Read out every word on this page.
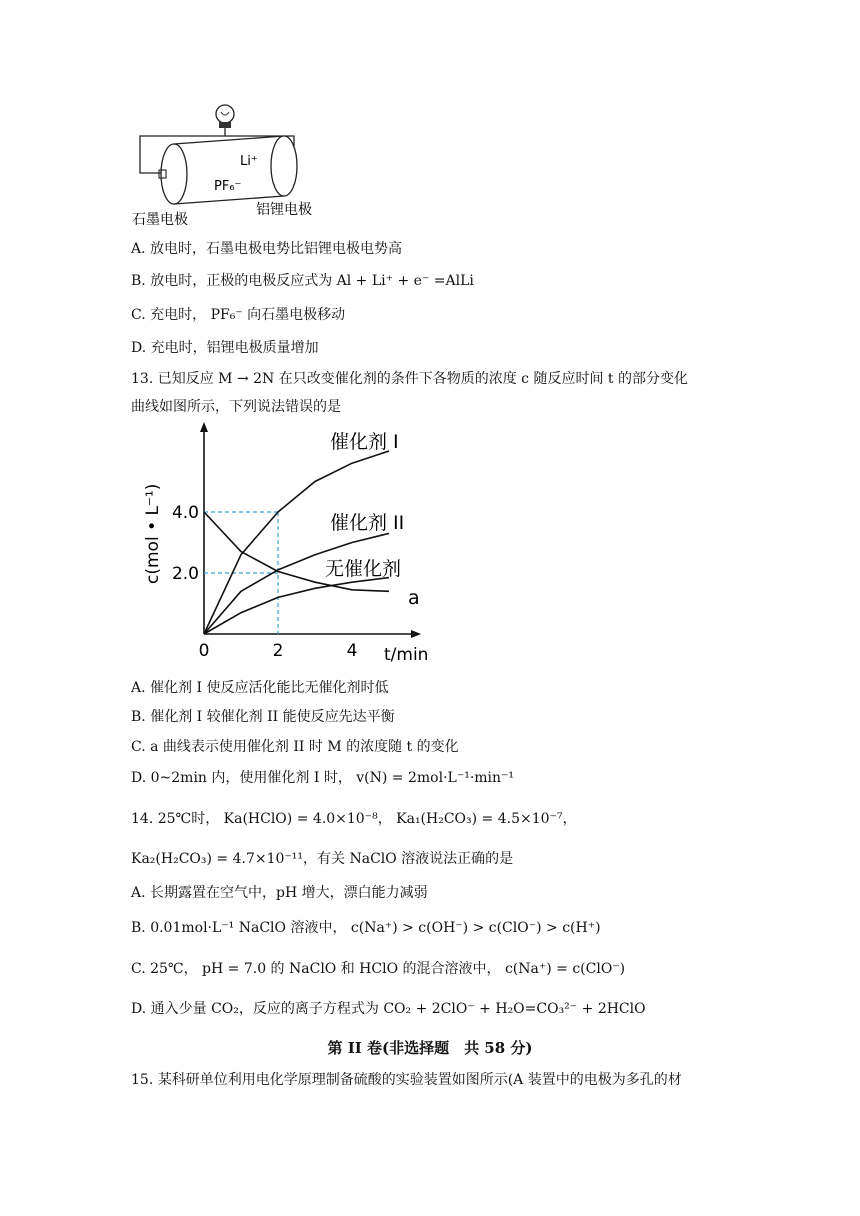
Li⁺
PF₆⁻
石墨电极
铝锂电极
A. 放电时，石墨电极电势比铝锂电极电势高
B. 放电时，正极的电极反应式为 Al + Li⁺ + e⁻ =AlLi
C. 充电时， PF₆⁻ 向石墨电极移动
D. 充电时，铝锂电极质量增加
13. 已知反应 M → 2N 在只改变催化剂的条件下各物质的浓度 c 随反应时间 t 的部分变化
曲线如图所示，下列说法错误的是
0	2	4
2.0
4.0
t/min
c(mol • L⁻¹)
催化剂 I
催化剂 II
无催化剂
a
A. 催化剂 I 使反应活化能比无催化剂时低
B. 催化剂 I 较催化剂 II 能使反应先达平衡
C. a 曲线表示使用催化剂 II 时 M 的浓度随 t 的变化
D. 0~2min 内，使用催化剂 I 时， v(N) = 2mol·L⁻¹·min⁻¹
14. 25℃时， Ka(HClO) = 4.0×10⁻⁸， Ka₁(H₂CO₃) = 4.5×10⁻⁷，
Ka₂(H₂CO₃) = 4.7×10⁻¹¹，有关 NaClO 溶液说法正确的是
A. 长期露置在空气中，pH 增大，漂白能力减弱
B. 0.01mol·L⁻¹ NaClO 溶液中， c(Na⁺) > c(OH⁻) > c(ClO⁻) > c(H⁺)
C. 25℃， pH = 7.0 的 NaClO 和 HClO 的混合溶液中， c(Na⁺) = c(ClO⁻)
D. 通入少量 CO₂，反应的离子方程式为 CO₂ + 2ClO⁻ + H₂O=CO₃²⁻ + 2HClO
第 II 卷(非选择题　共 58 分)
15. 某科研单位利用电化学原理制备硫酸的实验装置如图所示(A 装置中的电极为多孔的材
